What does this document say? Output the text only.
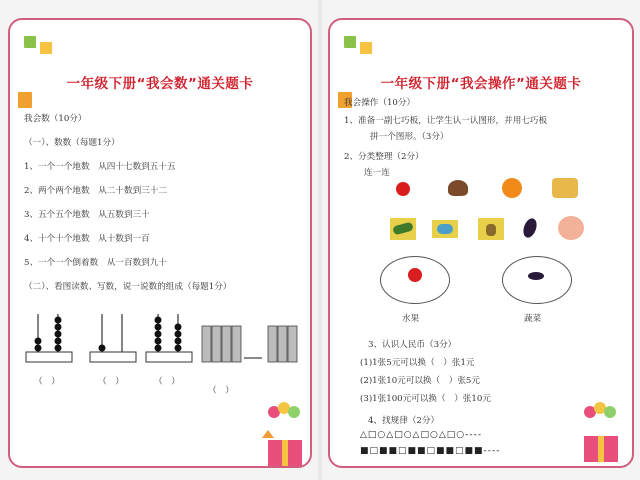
一年级下册“我会数”通关题卡
我会数（10分）
（一）、数数（每题1分）
1、一个一个地数　从四十七数到五十五
2、两个两个地数　从二十数到三十二
3、五个五个地数　从五数到三十
4、十个十个地数　从十数到一百
5、一个一个倒着数　从一百数到九十
（二）、看图读数、写数，说一说数的组成（每题1分）
（　）	（　）	（　）
（　）
一年级下册“我会操作”通关题卡
我会操作（10分）
1、准备一副七巧板，让学生认一认图形，并用七巧板
拼一个图形。（3分）
2、分类整理（2分）
连一连
水果	蔬菜
3、认识人民币（3分）
(1)1张5元可以换（　）张1元
(2)1张10元可以换（　）张5元
(3)1张100元可以换（　）张10元
4、找规律（2分）
△□○△□○△□○△□○----
■□■■□■■□■■□■■----
